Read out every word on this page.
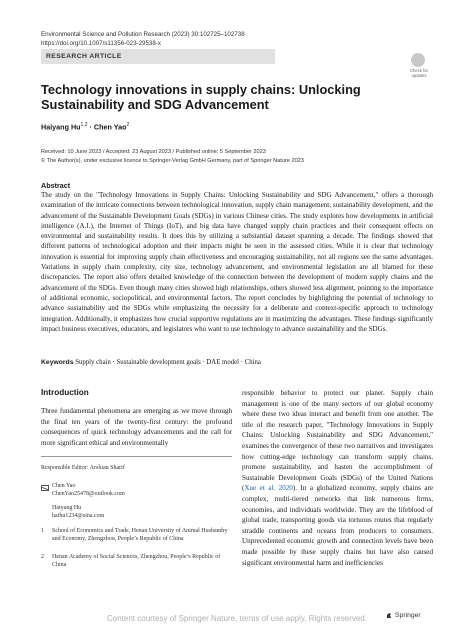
Environmental Science and Pollution Research (2023) 30:102725–102738
https://doi.org/10.1007/s11356-023-29538-x
RESEARCH ARTICLE
Check for updates
Technology innovations in supply chains: Unlocking Sustainability and SDG Advancement
Haiyang Hu$^{1,2}$ · Chen Yao$^2$
Received: 10 June 2023 / Accepted: 23 August 2023 / Published online: 5 September 2023
© The Author(s), under exclusive licence to Springer-Verlag GmbH Germany, part of Springer Nature 2023
Abstract

The study on the "Technology Innovations in Supply Chains: Unlocking Sustainability and SDG Advancement," offers a thorough examination of the intricate connections between technological innovation, supply chain management, sustainability development, and the advancement of the Sustainable Development Goals (SDGs) in various Chinese cities. The study explores how developments in artificial intelligence (A.I.), the Internet of Things (IoT), and big data have changed supply chain practices and their consequent effects on environmental and sustainability results. It does this by utilizing a substantial dataset spanning a decade. The findings showed that different patterns of technological adoption and their impacts might be seen in the assessed cities. While it is clear that technology innovation is essential for improving supply chain effectiveness and encouraging sustainability, not all regions see the same advantages. Variations in supply chain complexity, city size, technology advancement, and environmental legislation are all blamed for these discrepancies. The report also offers detailed knowledge of the connection between the development of modern supply chains and the advancement of the SDGs. Even though many cities showed high relationships, others showed less alignment, pointing to the importance of additional economic, sociopolitical, and environmental factors. The report concludes by highlighting the potential of technology to advance sustainability and the SDGs while emphasizing the necessity for a deliberate and context-specific approach to technology integration. Additionally, it emphasizes how crucial supportive regulations are in maximizing the advantages. These findings significantly impact business executives, educators, and legislators who want to use technology to advance sustainability and the SDGs.

Keywords Supply chain · Sustainable development goals · DAE model · China
Introduction

Three fundamental phenomena are emerging as we move through the final ten years of the twenty-first century: the profound consequences of quick technology advancements and the call for more significant ethical and environmentally

Responsible Editor: Arshian Sharif
Chen Yao
ChenYao25478@outlook.com
Haiyang Hu
haihu1234@sina.com
1 School of Economics and Trade, Henan University of Animal Husbandry and Economy, Zhengzhou, People’s Republic of China
2 Henan Academy of Social Sciences, Zhengzhou, People’s Republic of China

responsible behavior to protect our planet. Supply chain management is one of the many sectors of our global economy where these two ideas interact and benefit from one another. The title of the research paper, "Technology Innovations in Supply Chains: Unlocking Sustainability and SDG Advancement," examines the convergence of these two narratives and investigates how cutting-edge technology can transform supply chains, promote sustainability, and hasten the accomplishment of Sustainable Development Goals (SDGs) of the United Nations (Xue et al. 2020). In a globalized economy, supply chains are complex, multi-tiered networks that link numerous firms, economies, and individuals worldwide. They are the lifeblood of global trade, transporting goods via tortuous routes that regularly straddle continents and oceans from producers to consumers. Unprecedented economic growth and connection levels have been made possible by these supply chains but have also caused significant environmental harm and inefficiencies

Springer
Content courtesy of Springer Nature, terms of use apply. Rights reserved.
